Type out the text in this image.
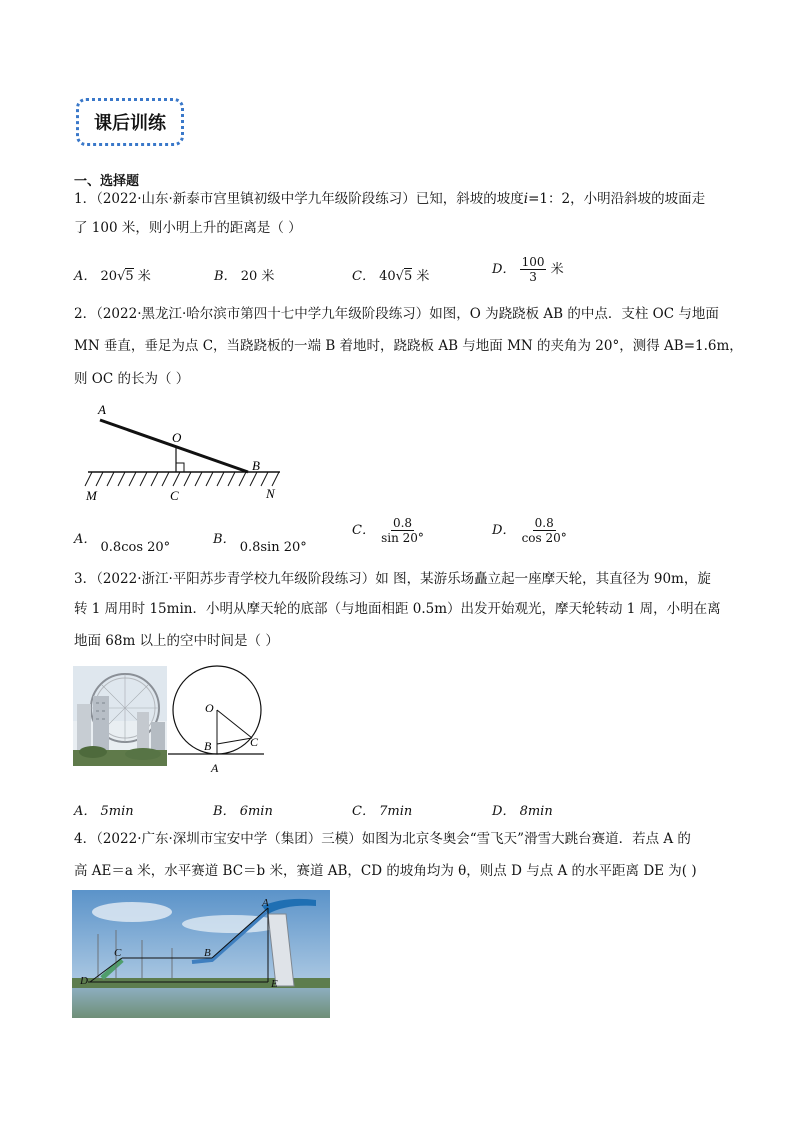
课后训练
一、选择题
1．（2022·山东·新泰市宫里镇初级中学九年级阶段练习）已知，斜坡的坡度i=1：2，小明沿斜坡的坡面走
了 100 米，则小明上升的距离是（ ）
A． 20√5 米	B． 20 米	C． 40√5 米	D． $\frac{100}{3}$ 米
2．（2022·黑龙江·哈尔滨市第四十七中学九年级阶段练习）如图，O 为跷跷板 AB 的中点．支柱 OC 与地面
MN 垂直，垂足为点 C，当跷跷板的一端 B 着地时，跷跷板 AB 与地面 MN 的夹角为 20°，测得 AB=1.6m，
则 OC 的长为（ ）
A
O
B
M	C	N
A． 0.8cos 20°
B． 0.8sin 20°
C． $\frac{0.8}{\sin 20^\circ}$	D． $\frac{0.8}{\cos 20^\circ}$
3．（2022·浙江·平阳苏步青学校九年级阶段练习）如 图，某游乐场矗立起一座摩天轮，其直径为 90m，旋
转 1 周用时 15min．小明从摩天轮的底部（与地面相距 0.5m）出发开始观光，摩天轮转动 1 周，小明在离
地面 68m 以上的空中时间是（ ）
O
B	C
A
A． 5min	B． 6min	C． 7min	D． 8min
4．（2022·广东·深圳市宝安中学（集团）三模）如图为北京冬奥会“雪飞天”滑雪大跳台赛道．若点 A 的
高 AE＝a 米，水平赛道 BC＝b 米，赛道 AB，CD 的坡角均为 θ，则点 D 与点 A 的水平距离 DE 为( )
A
B
C
D	E
